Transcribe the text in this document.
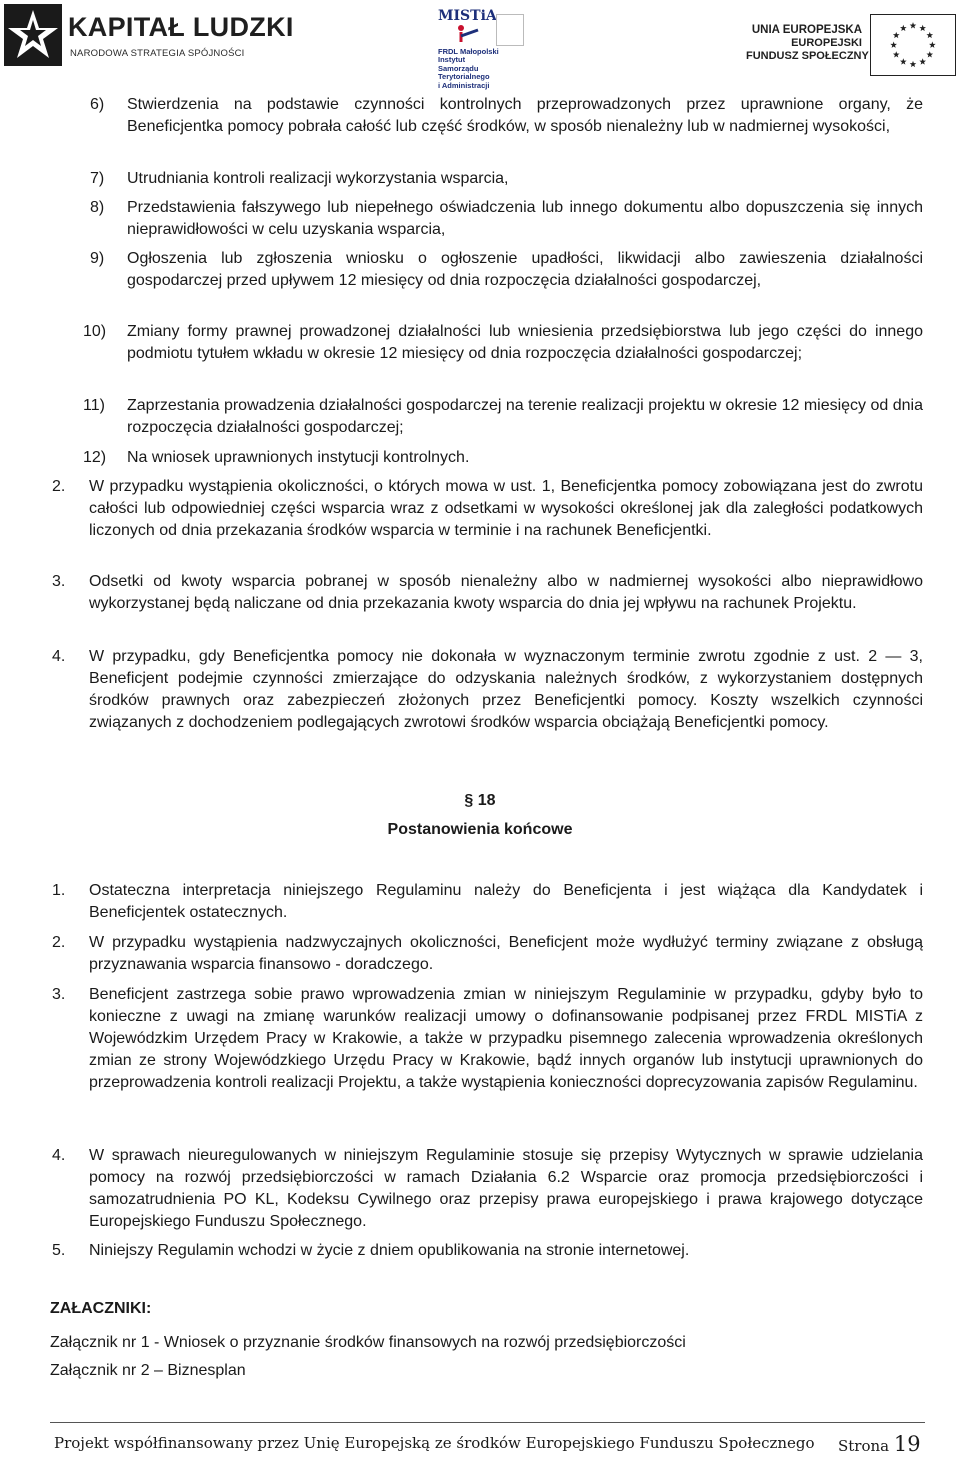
KAPITAŁ LUDZKI
NARODOWA STRATEGIA SPÓJNOŚCI
MISTiA
FRDL Małopolski Instytut
Samorządu Terytorialnego
i Administracji
UNIA EUROPEJSKA
EUROPEJSKI
FUNDUSZ SPOŁECZNY
6) Stwierdzenia na podstawie czynności kontrolnych przeprowadzonych przez uprawnione organy, że Beneficjentka pomocy pobrała całość lub część środków, w sposób nienależny lub w nadmiernej wysokości,

7) Utrudniania kontroli realizacji wykorzystania wsparcia,

8) Przedstawienia fałszywego lub niepełnego oświadczenia lub innego dokumentu albo dopuszczenia się innych nieprawidłowości w celu uzyskania wsparcia,

9) Ogłoszenia lub zgłoszenia wniosku o ogłoszenie upadłości, likwidacji albo zawieszenia działalności gospodarczej przed upływem 12 miesięcy od dnia rozpoczęcia działalności gospodarczej,

10) Zmiany formy prawnej prowadzonej działalności lub wniesienia przedsiębiorstwa lub jego części do innego podmiotu tytułem wkładu w okresie 12 miesięcy od dnia rozpoczęcia działalności gospodarczej;

11) Zaprzestania prowadzenia działalności gospodarczej na terenie realizacji projektu w okresie 12 miesięcy od dnia rozpoczęcia działalności gospodarczej;

12) Na wniosek uprawnionych instytucji kontrolnych.

2. W przypadku wystąpienia okoliczności, o których mowa w ust. 1, Beneficjentka pomocy zobowiązana jest do zwrotu całości lub odpowiedniej części wsparcia wraz z odsetkami w wysokości określonej jak dla zaległości podatkowych liczonych od dnia przekazania środków wsparcia w terminie i na rachunek Beneficjentki.

3. Odsetki od kwoty wsparcia pobranej w sposób nienależny albo w nadmiernej wysokości albo nieprawidłowo wykorzystanej będą naliczane od dnia przekazania kwoty wsparcia do dnia jej wpływu na rachunek Projektu.

4. W przypadku, gdy Beneficjentka pomocy nie dokonała w wyznaczonym terminie zwrotu zgodnie z ust. 2 — 3, Beneficjent podejmie czynności zmierzające do odzyskania należnych środków, z wykorzystaniem dostępnych środków prawnych oraz zabezpieczeń złożonych przez Beneficjentki pomocy. Koszty wszelkich czynności związanych z dochodzeniem podlegających zwrotowi środków wsparcia obciążają Beneficjentki pomocy.

§ 18
Postanowienia końcowe
1. Ostateczna interpretacja niniejszego Regulaminu należy do Beneficjenta i jest wiążąca dla Kandydatek i Beneficjentek ostatecznych.

2. W przypadku wystąpienia nadzwyczajnych okoliczności, Beneficjent może wydłużyć terminy związane z obsługą przyznawania wsparcia finansowo - doradczego.

3. Beneficjent zastrzega sobie prawo wprowadzenia zmian w niniejszym Regulaminie w przypadku, gdyby było to konieczne z uwagi na zmianę warunków realizacji umowy o dofinansowanie podpisanej przez FRDL MISTiA z Wojewódzkim Urzędem Pracy w Krakowie, a także w przypadku pisemnego zalecenia wprowadzenia określonych zmian ze strony Wojewódzkiego Urzędu Pracy w Krakowie, bądź innych organów lub instytucji uprawnionych do przeprowadzenia kontroli realizacji Projektu, a także wystąpienia konieczności doprecyzowania zapisów Regulaminu.

4. W sprawach nieuregulowanych w niniejszym Regulaminie stosuje się przepisy Wytycznych w sprawie udzielania pomocy na rozwój przedsiębiorczości w ramach Działania 6.2 Wsparcie oraz promocja przedsiębiorczości i samozatrudnienia PO KL, Kodeksu Cywilnego oraz przepisy prawa europejskiego i prawa krajowego dotyczące Europejskiego Funduszu Społecznego.

5. Niniejszy Regulamin wchodzi w życie z dniem opublikowania na stronie internetowej.

ZAŁACZNIKI:
Załącznik nr 1 - Wniosek o przyznanie środków finansowych na rozwój przedsiębiorczości
Załącznik nr 2 – Biznesplan
Projekt współfinansowany przez Unię Europejską ze środków Europejskiego Funduszu Społecznego Strona 19
